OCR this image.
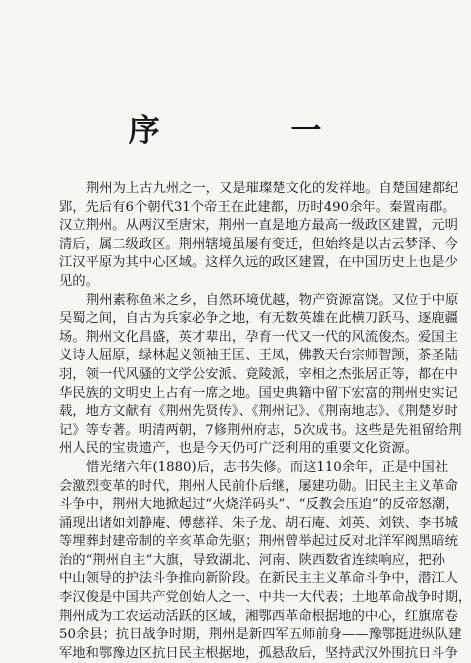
序 一
荆州为上古九州之一，又是璀璨楚文化的发祥地。自楚国建都纪
郢，先后有6个朝代31个帝王在此建都，历时490余年。秦置南郡。
汉立荆州。从两汉至唐宋，荆州一直是地方最高一级政区建置，元明
清后，属二级政区。荆州辖境虽屡有变迁，但始终是以古云梦泽、今
江汉平原为其中心区域。这样久远的政区建置，在中国历史上也是少
见的。
荆州素称鱼米之乡，自然环境优越，物产资源富饶。又位于中原
吴蜀之间，自古为兵家必争之地，有无数英雄在此横刀跃马、逐鹿疆
场。荆州文化昌盛，英才辈出，孕育一代又一代的风流俊杰。爱国主
义诗人屈原，绿林起义领袖王匡、王凤，佛教天台宗师智𫖮，茶圣陆
羽，领一代风骚的文学公安派、竟陵派，宰相之杰张居正等，都在中
华民族的文明史上占有一席之地。国史典籍中留下宏富的荆州史实记
载，地方文献有《荆州先贤传》、《荆州记》、《荆南地志》、《荆楚岁时
记》等专著。明清两朝，7修荆州府志，5次成书。这些是先祖留给荆
州人民的宝贵遗产，也是今天仍可广泛利用的重要文化资源。
惜光绪六年(1880)后，志书失修。而这110余年，正是中国社
会激烈变革的时代，荆州人民前仆后继，屡建功勋。旧民主主义革命
斗争中，荆州大地掀起过“火烧洋码头”、“反教会压迫”的反帝怒潮，
涌现出诸如刘静庵、傅慈祥、朱子龙、胡石庵、刘英、刘铁、李书城
等埋葬封建帝制的辛亥革命先驱；荆州曾举起过反对北洋军阀黑暗统
治的“荆州自主”大旗，导致湖北、河南、陕西数省连续响应，把孙
中山领导的护法斗争推向新阶段。在新民主主义革命斗争中，潜江人
李汉俊是中国共产党创始人之一、中共一大代表；土地革命战争时期，
荆州成为工农运动活跃的区域，湘鄂西革命根据地的中心，红旗席卷
50余县；抗日战争时期，荆州是新四军五师前身——豫鄂挺进纵队建
军地和鄂豫边区抗日民主根据地，孤悬敌后，坚持武汉外围抗日斗争
